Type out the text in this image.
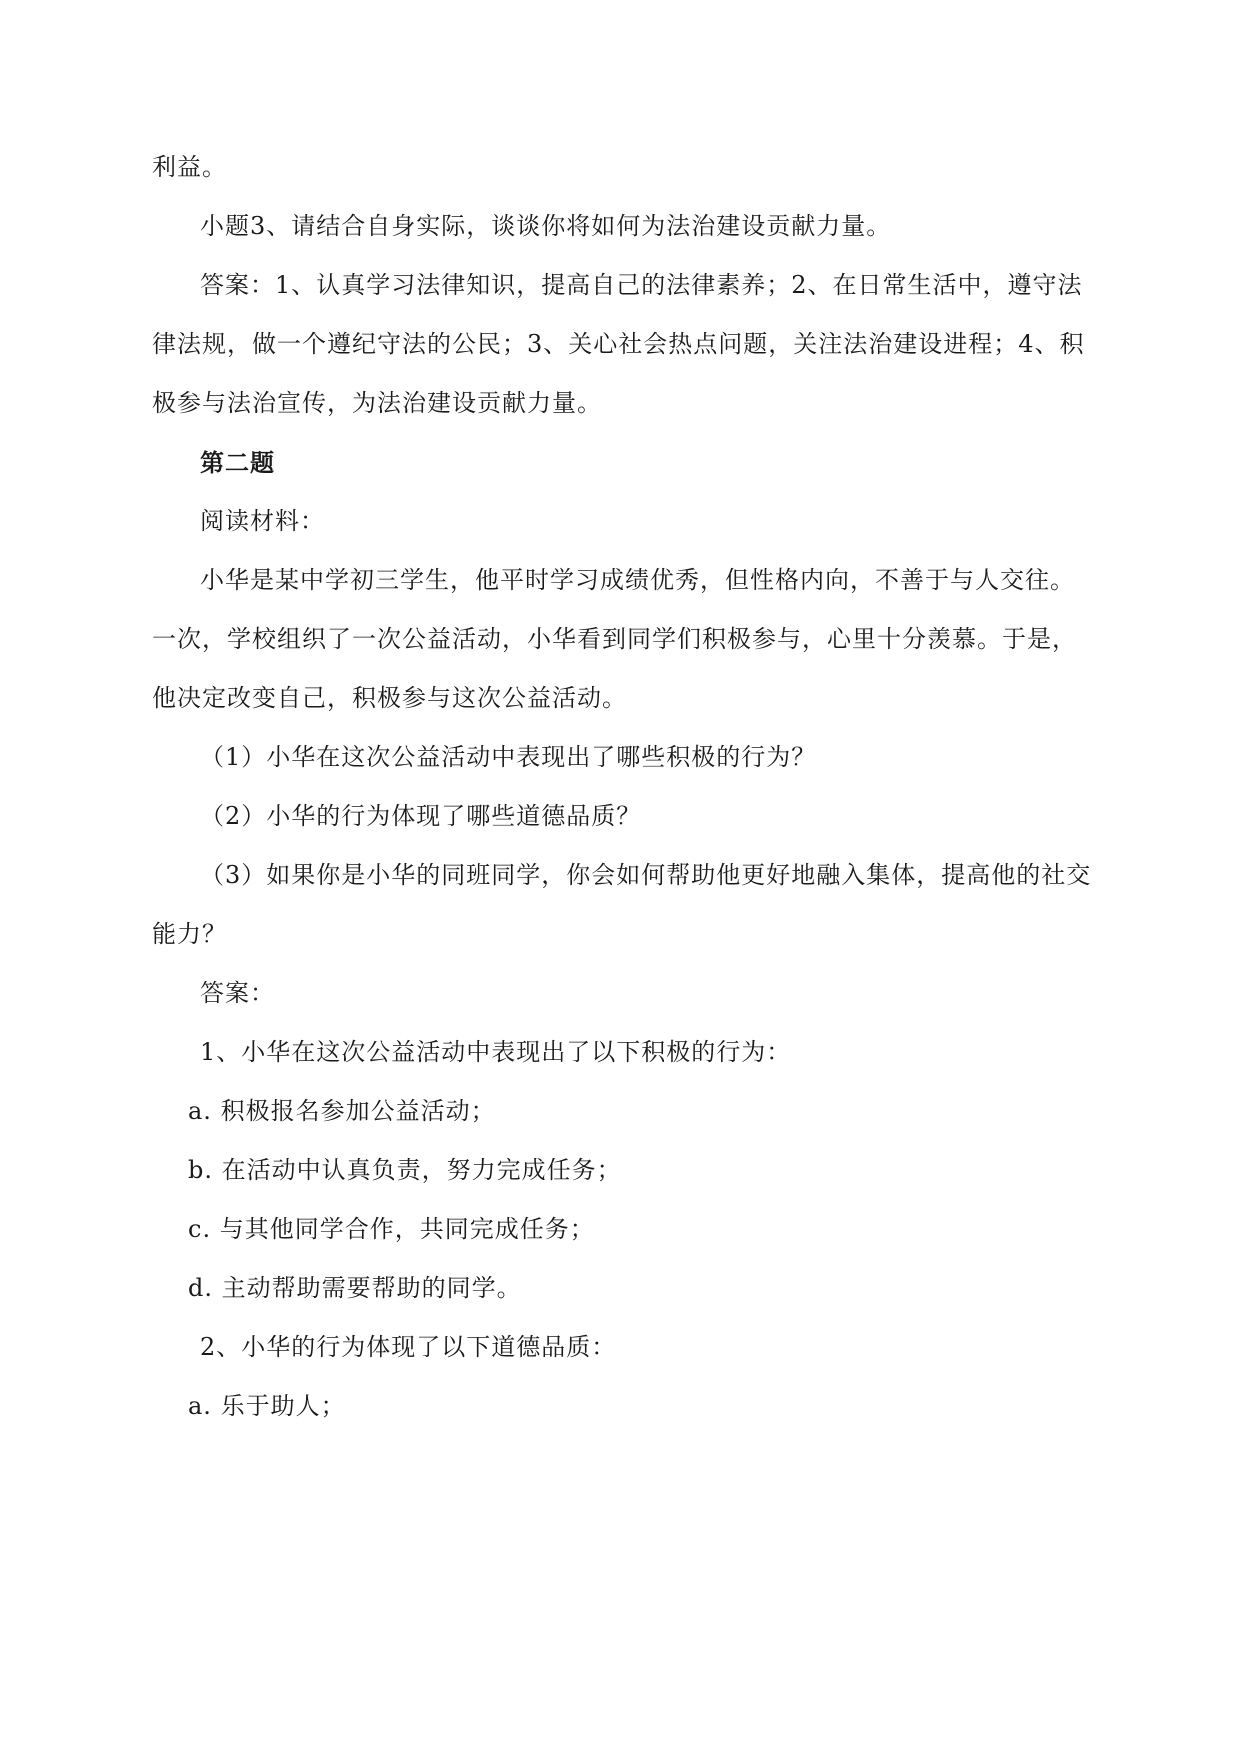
利益。

小题3、请结合自身实际，谈谈你将如何为法治建设贡献力量。

答案：1、认真学习法律知识，提高自己的法律素养；2、在日常生活中，遵守法律法规，做一个遵纪守法的公民；3、关心社会热点问题，关注法治建设进程；4、积极参与法治宣传，为法治建设贡献力量。

第二题

阅读材料：

小华是某中学初三学生，他平时学习成绩优秀，但性格内向，不善于与人交往。一次，学校组织了一次公益活动，小华看到同学们积极参与，心里十分羡慕。于是，他决定改变自己，积极参与这次公益活动。

（1）小华在这次公益活动中表现出了哪些积极的行为？

（2）小华的行为体现了哪些道德品质？

（3）如果你是小华的同班同学，你会如何帮助他更好地融入集体，提高他的社交能力？

答案：

1、小华在这次公益活动中表现出了以下积极的行为：

a. 积极报名参加公益活动；

b. 在活动中认真负责，努力完成任务；

c. 与其他同学合作，共同完成任务；

d. 主动帮助需要帮助的同学。

2、小华的行为体现了以下道德品质：

a. 乐于助人；
